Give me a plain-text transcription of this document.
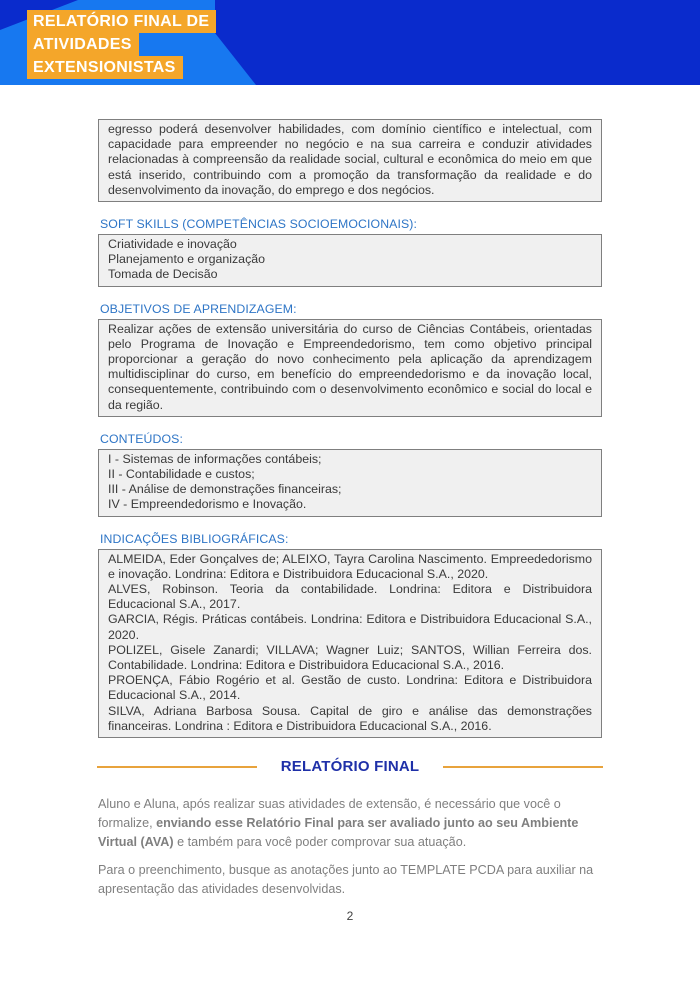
RELATÓRIO FINAL DE
ATIVIDADES
EXTENSIONISTAS
egresso poderá desenvolver habilidades, com domínio científico e intelectual, com capacidade para empreender no negócio e na sua carreira e conduzir atividades relacionadas à compreensão da realidade social, cultural e econômica do meio em que está inserido, contribuindo com a promoção da transformação da realidade e do desenvolvimento da inovação, do emprego e dos negócios.
SOFT SKILLS (COMPETÊNCIAS SOCIOEMOCIONAIS):
Criatividade e inovação
Planejamento e organização
Tomada de Decisão
OBJETIVOS DE APRENDIZAGEM:
Realizar ações de extensão universitária do curso de Ciências Contábeis, orientadas pelo Programa de Inovação e Empreendedorismo, tem como objetivo principal proporcionar a geração do novo conhecimento pela aplicação da aprendizagem multidisciplinar do curso, em benefício do empreendedorismo e da inovação local, consequentemente, contribuindo com o desenvolvimento econômico e social do local e da região.
CONTEÚDOS:
I - Sistemas de informações contábeis;
II - Contabilidade e custos;
III - Análise de demonstrações financeiras;
IV - Empreendedorismo e Inovação.
INDICAÇÕES BIBLIOGRÁFICAS:
ALMEIDA, Eder Gonçalves de; ALEIXO, Tayra Carolina Nascimento. Empreededorismo e inovação. Londrina: Editora e Distribuidora Educacional S.A., 2020.
ALVES, Robinson. Teoria da contabilidade. Londrina: Editora e Distribuidora Educacional S.A., 2017.
GARCIA, Régis. Práticas contábeis. Londrina: Editora e Distribuidora Educacional S.A., 2020.
POLIZEL, Gisele Zanardi; VILLAVA; Wagner Luiz; SANTOS, Willian Ferreira dos. Contabilidade. Londrina: Editora e Distribuidora Educacional S.A., 2016.
PROENÇA, Fábio Rogério et al. Gestão de custo. Londrina: Editora e Distribuidora Educacional S.A., 2014.
SILVA, Adriana Barbosa Sousa. Capital de giro e análise das demonstrações financeiras. Londrina : Editora e Distribuidora Educacional S.A., 2016.
RELATÓRIO FINAL
Aluno e Aluna, após realizar suas atividades de extensão, é necessário que você o formalize, enviando esse Relatório Final para ser avaliado junto ao seu Ambiente Virtual (AVA) e também para você poder comprovar sua atuação.
Para o preenchimento, busque as anotações junto ao TEMPLATE PCDA para auxiliar na apresentação das atividades desenvolvidas.
2
